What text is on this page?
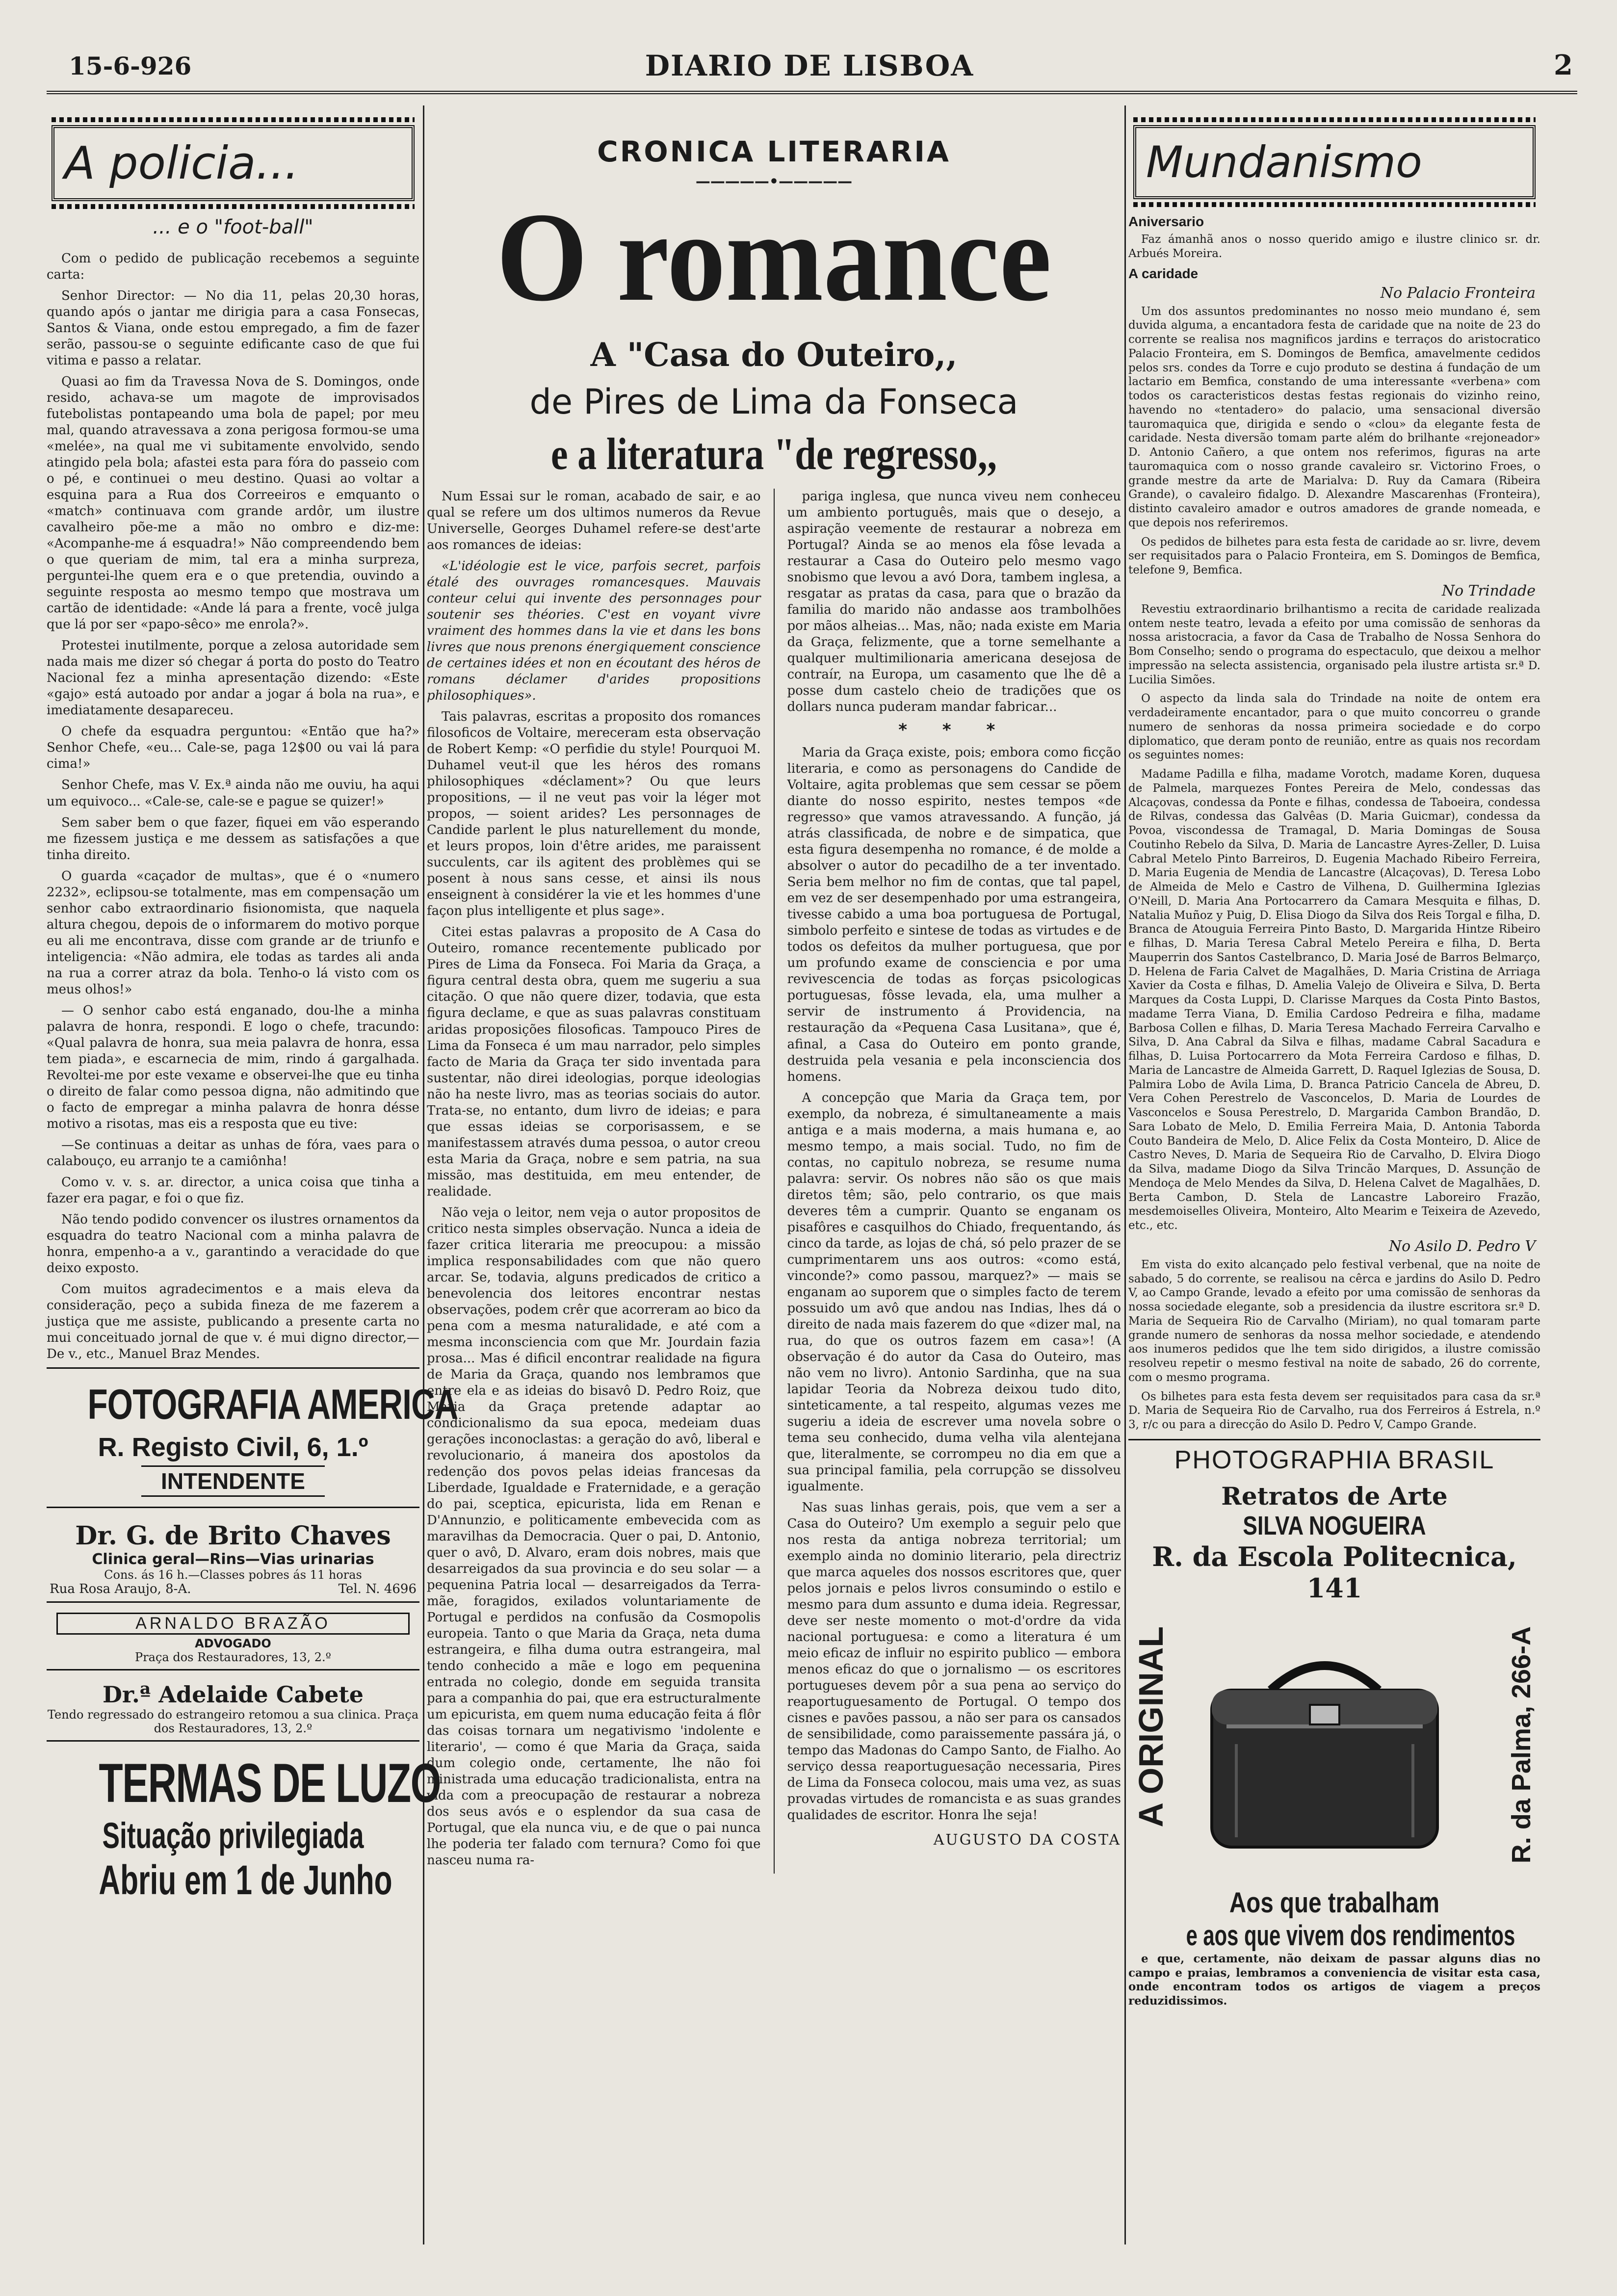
15-6-926	DIARIO DE LISBOA	2
A policia...
... e o "foot-ball"

Com o pedido de publicação recebemos a seguinte carta:

Senhor Director: — No dia 11, pelas 20,30 horas, quando após o jantar me dirigia para a casa Fonsecas, Santos & Viana, onde estou empregado, a fim de fazer serão, passou-se o seguinte edificante caso de que fui vitima e passo a relatar.

Quasi ao fim da Travessa Nova de S. Domingos, onde resido, achava-se um magote de improvisados futebolistas pontapeando uma bola de papel; por meu mal, quando atravessava a zona perigosa formou-se uma «melée», na qual me vi subitamente envolvido, sendo atingido pela bola; afastei esta para fóra do passeio com o pé, e continuei o meu destino. Quasi ao voltar a esquina para a Rua dos Correeiros e emquanto o «match» continuava com grande ardôr, um ilustre cavalheiro põe-me a mão no ombro e diz-me: «Acompanhe-me á esquadra!» Não compreendendo bem o que queriam de mim, tal era a minha surpreza, perguntei-lhe quem era e o que pretendia, ouvindo a seguinte resposta ao mesmo tempo que mostrava um cartão de identidade: «Ande lá para a frente, você julga que lá por ser «papo-sêco» me enrola?».

Protestei inutilmente, porque a zelosa autoridade sem nada mais me dizer só chegar á porta do posto do Teatro Nacional fez a minha apresentação dizendo: «Este «gajo» está autoado por andar a jogar á bola na rua», e imediatamente desapareceu.

O chefe da esquadra perguntou: «Então que ha?» Senhor Chefe, «eu... Cale-se, paga 12$00 ou vai lá para cima!»

Senhor Chefe, mas V. Ex.ª ainda não me ouviu, ha aqui um equivoco... «Cale-se, cale-se e pague se quizer!»

Sem saber bem o que fazer, fiquei em vão esperando me fizessem justiça e me dessem as satisfações a que tinha direito.

O guarda «caçador de multas», que é o «numero 2232», eclipsou-se totalmente, mas em compensação um senhor cabo extraordinario fisionomista, que naquela altura chegou, depois de o informarem do motivo porque eu ali me encontrava, disse com grande ar de triunfo e inteligencia: «Não admira, ele todas as tardes ali anda na rua a correr atraz da bola. Tenho-o lá visto com os meus olhos!»

— O senhor cabo está enganado, dou-lhe a minha palavra de honra, respondi. E logo o chefe, tracundo: «Qual palavra de honra, sua meia palavra de honra, essa tem piada», e escarnecia de mim, rindo á gargalhada. Revoltei-me por este vexame e observei-lhe que eu tinha o direito de falar como pessoa digna, não admitindo que o facto de empregar a minha palavra de honra désse motivo a risotas, mas eis a resposta que eu tive:

—Se continuas a deitar as unhas de fóra, vaes para o calabouço, eu arranjo te a camiônha!

Como v. v. s. ar. director, a unica coisa que tinha a fazer era pagar, e foi o que fiz.

Não tendo podido convencer os ilustres ornamentos da esquadra do teatro Nacional com a minha palavra de honra, empenho-a a v., garantindo a veracidade do que deixo exposto.

Com muitos agradecimentos e a mais eleva da consideração, peço a subida fineza de me fazerem a justiça que me assiste, publicando a presente carta no mui conceituado jornal de que v. é mui digno director,—De v., etc., Manuel Braz Mendes.

FOTOGRAFIA AMERICA
R. Registo Civil, 6, 1.º
INTENDENTE
Dr. G. de Brito Chaves
Clinica geral—Rins—Vias urinarias
Cons. ás 16 h.—Classes pobres ás 11 horas
Rua Rosa Araujo, 8-A.	Tel. N. 4696
ARNALDO BRAZÃO
ADVOGADO
Praça dos Restauradores, 13, 2.º
Dr.ª Adelaide Cabete
Tendo regressado do estrangeiro retomou a sua clinica. Praça dos Restauradores, 13, 2.º
TERMAS DE LUZO
Situação privilegiada
Abriu em 1 de Junho
CRONICA LITERARIA
—————•—————
O romance
A "Casa do Outeiro,,
de Pires de Lima da Fonseca
e a literatura "de regresso,,

Num Essai sur le roman, acabado de sair, e ao qual se refere um dos ultimos numeros da Revue Universelle, Georges Duhamel refere-se dest'arte aos romances de ideias:

«L'idéologie est le vice, parfois secret, parfois étalé des ouvrages romancesques. Mauvais conteur celui qui invente des personnages pour soutenir ses théories. C'est en voyant vivre vraiment des hommes dans la vie et dans les bons livres que nous prenons énergiquement conscience de certaines idées et non en écoutant des héros de romans déclamer d'arides propositions philosophiques».

Tais palavras, escritas a proposito dos romances filosoficos de Voltaire, mereceram esta observação de Robert Kemp: «O perfidie du style! Pourquoi M. Duhamel veut-il que les héros des romans philosophiques «déclament»? Ou que leurs propositions, — il ne veut pas voir la léger mot propos, — soient arides? Les personnages de Candide parlent le plus naturellement du monde, et leurs propos, loin d'être arides, me paraissent succulents, car ils agitent des problèmes qui se posent à nous sans cesse, et ainsi ils nous enseignent à considérer la vie et les hommes d'une façon plus intelligente et plus sage».

Citei estas palavras a proposito de A Casa do Outeiro, romance recentemente publicado por Pires de Lima da Fonseca. Foi Maria da Graça, a figura central desta obra, quem me sugeriu a sua citação. O que não quere dizer, todavia, que esta figura declame, e que as suas palavras constituam aridas proposições filosoficas. Tampouco Pires de Lima da Fonseca é um mau narrador, pelo simples facto de Maria da Graça ter sido inventada para sustentar, não direi ideologias, porque ideologias não ha neste livro, mas as teorias sociais do autor. Trata-se, no entanto, dum livro de ideias; e para que essas ideias se corporisassem, e se manifestassem através duma pessoa, o autor creou esta Maria da Graça, nobre e sem patria, na sua missão, mas destituida, em meu entender, de realidade.

Não veja o leitor, nem veja o autor propositos de critico nesta simples observação. Nunca a ideia de fazer critica literaria me preocupou: a missão implica responsabilidades com que não quero arcar. Se, todavia, alguns predicados de critico a benevolencia dos leitores encontrar nestas observações, podem crêr que acorreram ao bico da pena com a mesma naturalidade, e até com a mesma inconsciencia com que Mr. Jourdain fazia prosa... Mas é dificil encontrar realidade na figura de Maria da Graça, quando nos lembramos que entre ela e as ideias do bisavô D. Pedro Roiz, que Maria da Graça pretende adaptar ao condicionalismo da sua epoca, medeiam duas gerações inconoclastas: a geração do avô, liberal e revolucionario, á maneira dos apostolos da redenção dos povos pelas ideias francesas da Liberdade, Igualdade e Fraternidade, e a geração do pai, sceptica, epicurista, lida em Renan e D'Annunzio, e politicamente embevecida com as maravilhas da Democracia. Quer o pai, D. Antonio, quer o avô, D. Alvaro, eram dois nobres, mais que desarreigados da sua provincia e do seu solar — a pequenina Patria local — desarreigados da Terra-mãe, foragidos, exilados voluntariamente de Portugal e perdidos na confusão da Cosmopolis europeia. Tanto o que Maria da Graça, neta duma estrangeira, e filha duma outra estrangeira, mal tendo conhecido a mãe e logo em pequenina entrada no colegio, donde em seguida transita para a companhia do pai, que era estructuralmente um epicurista, em quem numa educação feita á flôr das coisas tornara um negativismo 'indolente e literario', — como é que Maria da Graça, saida dum colegio onde, certamente, lhe não foi ministrada uma educação tradicionalista, entra na vida com a preocupação de restaurar a nobreza dos seus avós e o esplendor da sua casa de Portugal, que ela nunca viu, e de que o pai nunca lhe poderia ter falado com ternura? Como foi que nasceu numa ra-

pariga inglesa, que nunca viveu nem conheceu um ambiento português, mais que o desejo, a aspiração veemente de restaurar a nobreza em Portugal? Ainda se ao menos ela fôse levada a restaurar a Casa do Outeiro pelo mesmo vago snobismo que levou a avó Dora, tambem inglesa, a resgatar as pratas da casa, para que o brazão da familia do marido não andasse aos trambolhões por mãos alheias... Mas, não; nada existe em Maria da Graça, felizmente, que a torne semelhante a qualquer multimilionaria americana desejosa de contraír, na Europa, um casamento que lhe dê a posse dum castelo cheio de tradições que os dollars nunca puderam mandar fabricar...

* * *

Maria da Graça existe, pois; embora como ficção literaria, e como as personagens do Candide de Voltaire, agita problemas que sem cessar se põem diante do nosso espirito, nestes tempos «de regresso» que vamos atravessando. A função, já atrás classificada, de nobre e de simpatica, que esta figura desempenha no romance, é de molde a absolver o autor do pecadilho de a ter inventado. Seria bem melhor no fim de contas, que tal papel, em vez de ser desempenhado por uma estrangeira, tivesse cabido a uma boa portuguesa de Portugal, simbolo perfeito e sintese de todas as virtudes e de todos os defeitos da mulher portuguesa, que por um profundo exame de consciencia e por uma revivescencia de todas as forças psicologicas portuguesas, fôsse levada, ela, uma mulher a servir de instrumento á Providencia, na restauração da «Pequena Casa Lusitana», que é, afinal, a Casa do Outeiro em ponto grande, destruida pela vesania e pela inconsciencia dos homens.

A concepção que Maria da Graça tem, por exemplo, da nobreza, é simultaneamente a mais antiga e a mais moderna, a mais humana e, ao mesmo tempo, a mais social. Tudo, no fim de contas, no capitulo nobreza, se resume numa palavra: servir. Os nobres não são os que mais diretos têm; são, pelo contrario, os que mais deveres têm a cumprir. Quanto se enganam os pisafôres e casquilhos do Chiado, frequentando, ás cinco da tarde, as lojas de chá, só pelo prazer de se cumprimentarem uns aos outros: «como está, vinconde?» como passou, marquez?» — mais se enganam ao suporem que o simples facto de terem possuido um avô que andou nas Indias, lhes dá o direito de nada mais fazerem do que «dizer mal, na rua, do que os outros fazem em casa»! (A observação é do autor da Casa do Outeiro, mas não vem no livro). Antonio Sardinha, que na sua lapidar Teoria da Nobreza deixou tudo dito, sinteticamente, a tal respeito, algumas vezes me sugeriu a ideia de escrever uma novela sobre o tema seu conhecido, duma velha vila alentejana que, literalmente, se corrompeu no dia em que a sua principal familia, pela corrupção se dissolveu igualmente.

Nas suas linhas gerais, pois, que vem a ser a Casa do Outeiro? Um exemplo a seguir pelo que nos resta da antiga nobreza territorial; um exemplo ainda no dominio literario, pela directriz que marca aqueles dos nossos escritores que, quer pelos jornais e pelos livros consumindo o estilo e mesmo para dum assunto e duma ideia. Regressar, deve ser neste momento o mot-d'ordre da vida nacional portuguesa: e como a literatura é um meio eficaz de influir no espirito publico — embora menos eficaz do que o jornalismo — os escritores portugueses devem pôr a sua pena ao serviço do reaportuguesamento de Portugal. O tempo dos cisnes e pavões passou, a não ser para os cansados de sensibilidade, como paraissemente passára já, o tempo das Madonas do Campo Santo, de Fialho. Ao serviço dessa reaportuguesação necessaria, Pires de Lima da Fonseca colocou, mais uma vez, as suas provadas virtudes de romancista e as suas grandes qualidades de escritor. Honra lhe seja!

AUGUSTO DA COSTA
Mundanismo
Aniversario

Faz ámanhã anos o nosso querido amigo e ilustre clinico sr. dr. Arbués Moreira.

A caridade
No Palacio Fronteira

Um dos assuntos predominantes no nosso meio mundano é, sem duvida alguma, a encantadora festa de caridade que na noite de 23 do corrente se realisa nos magnificos jardins e terraços do aristocratico Palacio Fronteira, em S. Domingos de Bemfica, amavelmente cedidos pelos srs. condes da Torre e cujo produto se destina á fundação de um lactario em Bemfica, constando de uma interessante «verbena» com todos os caracteristicos destas festas regionais do vizinho reino, havendo no «tentadero» do palacio, uma sensacional diversão tauromaquica que, dirigida e sendo o «clou» da elegante festa de caridade. Nesta diversão tomam parte além do brilhante «rejoneador» D. Antonio Cañero, a que ontem nos referimos, figuras na arte tauromaquica com o nosso grande cavaleiro sr. Victorino Froes, o grande mestre da arte de Marialva: D. Ruy da Camara (Ribeira Grande), o cavaleiro fidalgo. D. Alexandre Mascarenhas (Fronteira), distinto cavaleiro amador e outros amadores de grande nomeada, e que depois nos referiremos.

Os pedidos de bilhetes para esta festa de caridade ao sr. livre, devem ser requisitados para o Palacio Fronteira, em S. Domingos de Bemfica, telefone 9, Bemfica.

No Trindade

Revestiu extraordinario brilhantismo a recita de caridade realizada ontem neste teatro, levada a efeito por uma comissão de senhoras da nossa aristocracia, a favor da Casa de Trabalho de Nossa Senhora do Bom Conselho; sendo o programa do espectaculo, que deixou a melhor impressão na selecta assistencia, organisado pela ilustre artista sr.ª D. Lucilia Simões.

O aspecto da linda sala do Trindade na noite de ontem era verdadeiramente encantador, para o que muito concorreu o grande numero de senhoras da nossa primeira sociedade e do corpo diplomatico, que deram ponto de reunião, entre as quais nos recordam os seguintes nomes:

Madame Padilla e filha, madame Vorotch, madame Koren, duquesa de Palmela, marquezes Fontes Pereira de Melo, condessas das Alcaçovas, condessa da Ponte e filhas, condessa de Taboeira, condessa de Rilvas, condessa das Galvêas (D. Maria Guicmar), condessa da Povoa, viscondessa de Tramagal, D. Maria Domingas de Sousa Coutinho Rebelo da Silva, D. Maria de Lancastre Ayres-Zeller, D. Luisa Cabral Metelo Pinto Barreiros, D. Eugenia Machado Ribeiro Ferreira, D. Maria Eugenia de Mendia de Lancastre (Alcaçovas), D. Teresa Lobo de Almeida de Melo e Castro de Vilhena, D. Guilhermina Iglezias O'Neill, D. Maria Ana Portocarrero da Camara Mesquita e filhas, D. Natalia Muñoz y Puig, D. Elisa Diogo da Silva dos Reis Torgal e filha, D. Branca de Atouguia Ferreira Pinto Basto, D. Margarida Hintze Ribeiro e filhas, D. Maria Teresa Cabral Metelo Pereira e filha, D. Berta Mauperrin dos Santos Castelbranco, D. Maria José de Barros Belmarço, D. Helena de Faria Calvet de Magalhães, D. Maria Cristina de Arriaga Xavier da Costa e filhas, D. Amelia Valejo de Oliveira e Silva, D. Berta Marques da Costa Luppi, D. Clarisse Marques da Costa Pinto Bastos, madame Terra Viana, D. Emilia Cardoso Pedreira e filha, madame Barbosa Collen e filhas, D. Maria Teresa Machado Ferreira Carvalho e Silva, D. Ana Cabral da Silva e filhas, madame Cabral Sacadura e filhas, D. Luisa Portocarrero da Mota Ferreira Cardoso e filhas, D. Maria de Lancastre de Almeida Garrett, D. Raquel Iglezias de Sousa, D. Palmira Lobo de Avila Lima, D. Branca Patricio Cancela de Abreu, D. Vera Cohen Perestrelo de Vasconcelos, D. Maria de Lourdes de Vasconcelos e Sousa Perestrelo, D. Margarida Cambon Brandão, D. Sara Lobato de Melo, D. Emilia Ferreira Maia, D. Antonia Taborda Couto Bandeira de Melo, D. Alice Felix da Costa Monteiro, D. Alice de Castro Neves, D. Maria de Sequeira Rio de Carvalho, D. Elvira Diogo da Silva, madame Diogo da Silva Trincão Marques, D. Assunção de Mendoça de Melo Mendes da Silva, D. Helena Calvet de Magalhães, D. Berta Cambon, D. Stela de Lancastre Laboreiro Frazão, mesdemoiselles Oliveira, Monteiro, Alto Mearim e Teixeira de Azevedo, etc., etc.

No Asilo D. Pedro V

Em vista do exito alcançado pelo festival verbenal, que na noite de sabado, 5 do corrente, se realisou na cêrca e jardins do Asilo D. Pedro V, ao Campo Grande, levado a efeito por uma comissão de senhoras da nossa sociedade elegante, sob a presidencia da ilustre escritora sr.ª D. Maria de Sequeira Rio de Carvalho (Miriam), no qual tomaram parte grande numero de senhoras da nossa melhor sociedade, e atendendo aos inumeros pedidos que lhe tem sido dirigidos, a ilustre comissão resolveu repetir o mesmo festival na noite de sabado, 26 do corrente, com o mesmo programa.

Os bilhetes para esta festa devem ser requisitados para casa da sr.ª D. Maria de Sequeira Rio de Carvalho, rua dos Ferreiros á Estrela, n.º 3, r/c ou para a direcção do Asilo D. Pedro V, Campo Grande.

PHOTOGRAPHIA BRASIL
Retratos de Arte
SILVA NOGUEIRA
R. da Escola Politecnica, 141
A ORIGINAL	R. da Palma, 266-A
Aos que trabalham
e aos que vivem dos rendimentos

e que, certamente, não deixam de passar alguns dias no campo e praias, lembramos a conveniencia de visitar esta casa, onde encontram todos os artigos de viagem a preços reduzidissimos.
